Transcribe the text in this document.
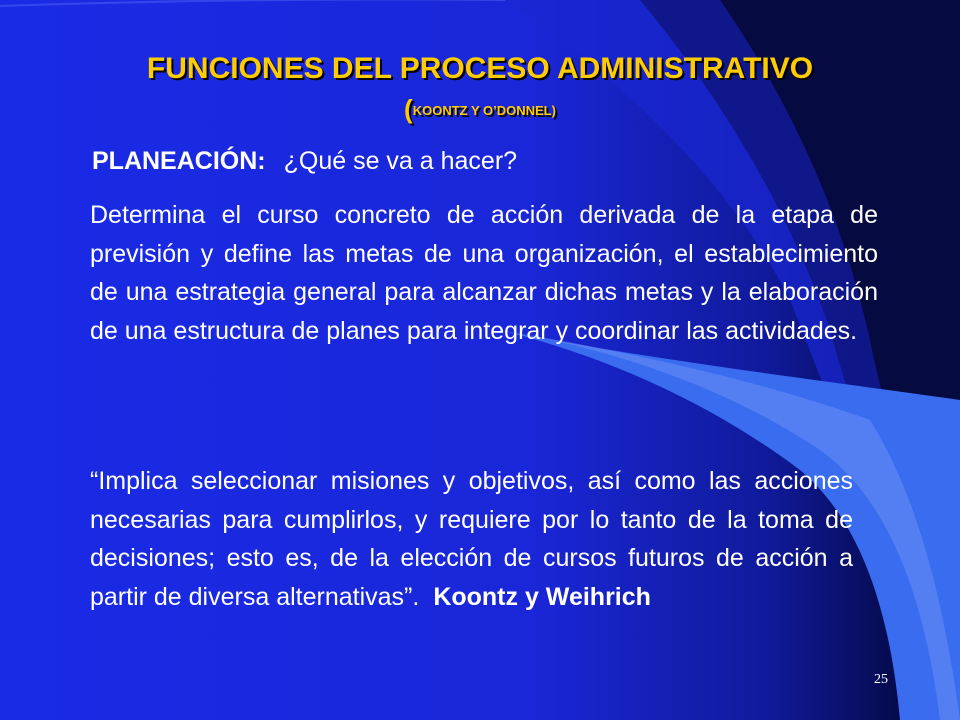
FUNCIONES DEL PROCESO ADMINISTRATIVO
(KOONTZ Y O’DONNEL)
PLANEACIÓN: ¿Qué se va a hacer?
Determina el curso concreto de acción derivada de la etapa de previsión y define las metas de una organización, el establecimiento de una estrategia general para alcanzar dichas metas y la elaboración de una estructura de planes para integrar y coordinar las actividades.
“Implica seleccionar misiones y objetivos, así como las acciones necesarias para cumplirlos, y requiere por lo tanto de la toma de decisiones; esto es, de la elección de cursos futuros de acción a partir de diversa alternativas”. Koontz y Weihrich
25
